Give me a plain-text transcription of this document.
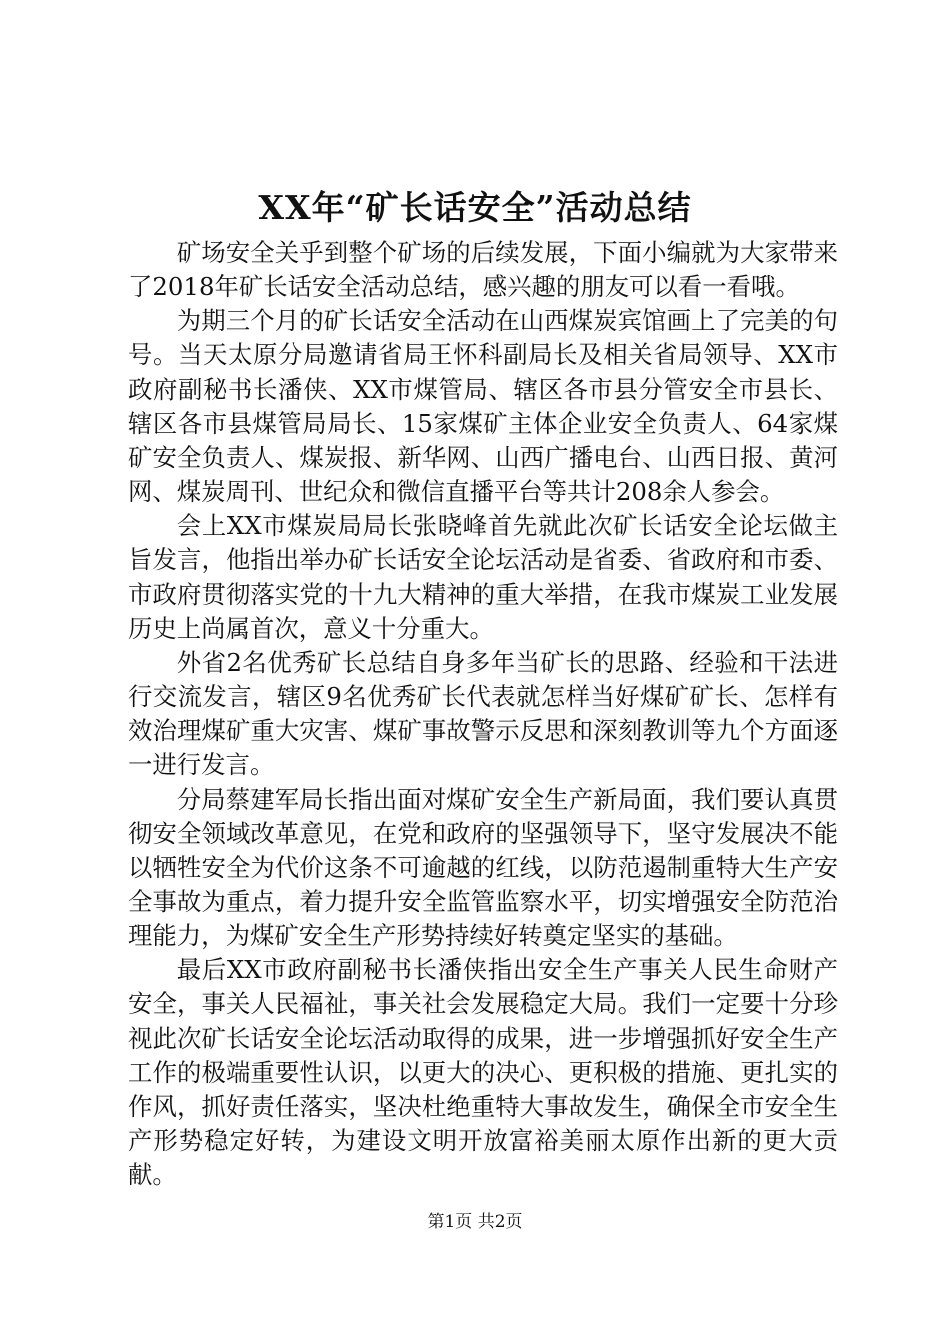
XX年“矿长话安全”活动总结

矿场安全关乎到整个矿场的后续发展，下面小编就为大家带来了2018年矿长话安全活动总结，感兴趣的朋友可以看一看哦。

为期三个月的矿长话安全活动在山西煤炭宾馆画上了完美的句号。当天太原分局邀请省局王怀科副局长及相关省局领导、XX市政府副秘书长潘侠、XX市煤管局、辖区各市县分管安全市县长、辖区各市县煤管局局长、15家煤矿主体企业安全负责人、64家煤矿安全负责人、煤炭报、新华网、山西广播电台、山西日报、黄河网、煤炭周刊、世纪众和微信直播平台等共计208余人参会。

会上XX市煤炭局局长张晓峰首先就此次矿长话安全论坛做主旨发言，他指出举办矿长话安全论坛活动是省委、省政府和市委、市政府贯彻落实党的十九大精神的重大举措，在我市煤炭工业发展历史上尚属首次，意义十分重大。

外省2名优秀矿长总结自身多年当矿长的思路、经验和干法进行交流发言，辖区9名优秀矿长代表就怎样当好煤矿矿长、怎样有效治理煤矿重大灾害、煤矿事故警示反思和深刻教训等九个方面逐一进行发言。

分局蔡建军局长指出面对煤矿安全生产新局面，我们要认真贯彻安全领域改革意见，在党和政府的坚强领导下，坚守发展决不能以牺牲安全为代价这条不可逾越的红线，以防范遏制重特大生产安全事故为重点，着力提升安全监管监察水平，切实增强安全防范治理能力，为煤矿安全生产形势持续好转奠定坚实的基础。

最后XX市政府副秘书长潘侠指出安全生产事关人民生命财产安全，事关人民福祉，事关社会发展稳定大局。我们一定要十分珍视此次矿长话安全论坛活动取得的成果，进一步增强抓好安全生产工作的极端重要性认识，以更大的决心、更积极的措施、更扎实的作风，抓好责任落实，坚决杜绝重特大事故发生，确保全市安全生产形势稳定好转，为建设文明开放富裕美丽太原作出新的更大贡献。

第1页 共2页
